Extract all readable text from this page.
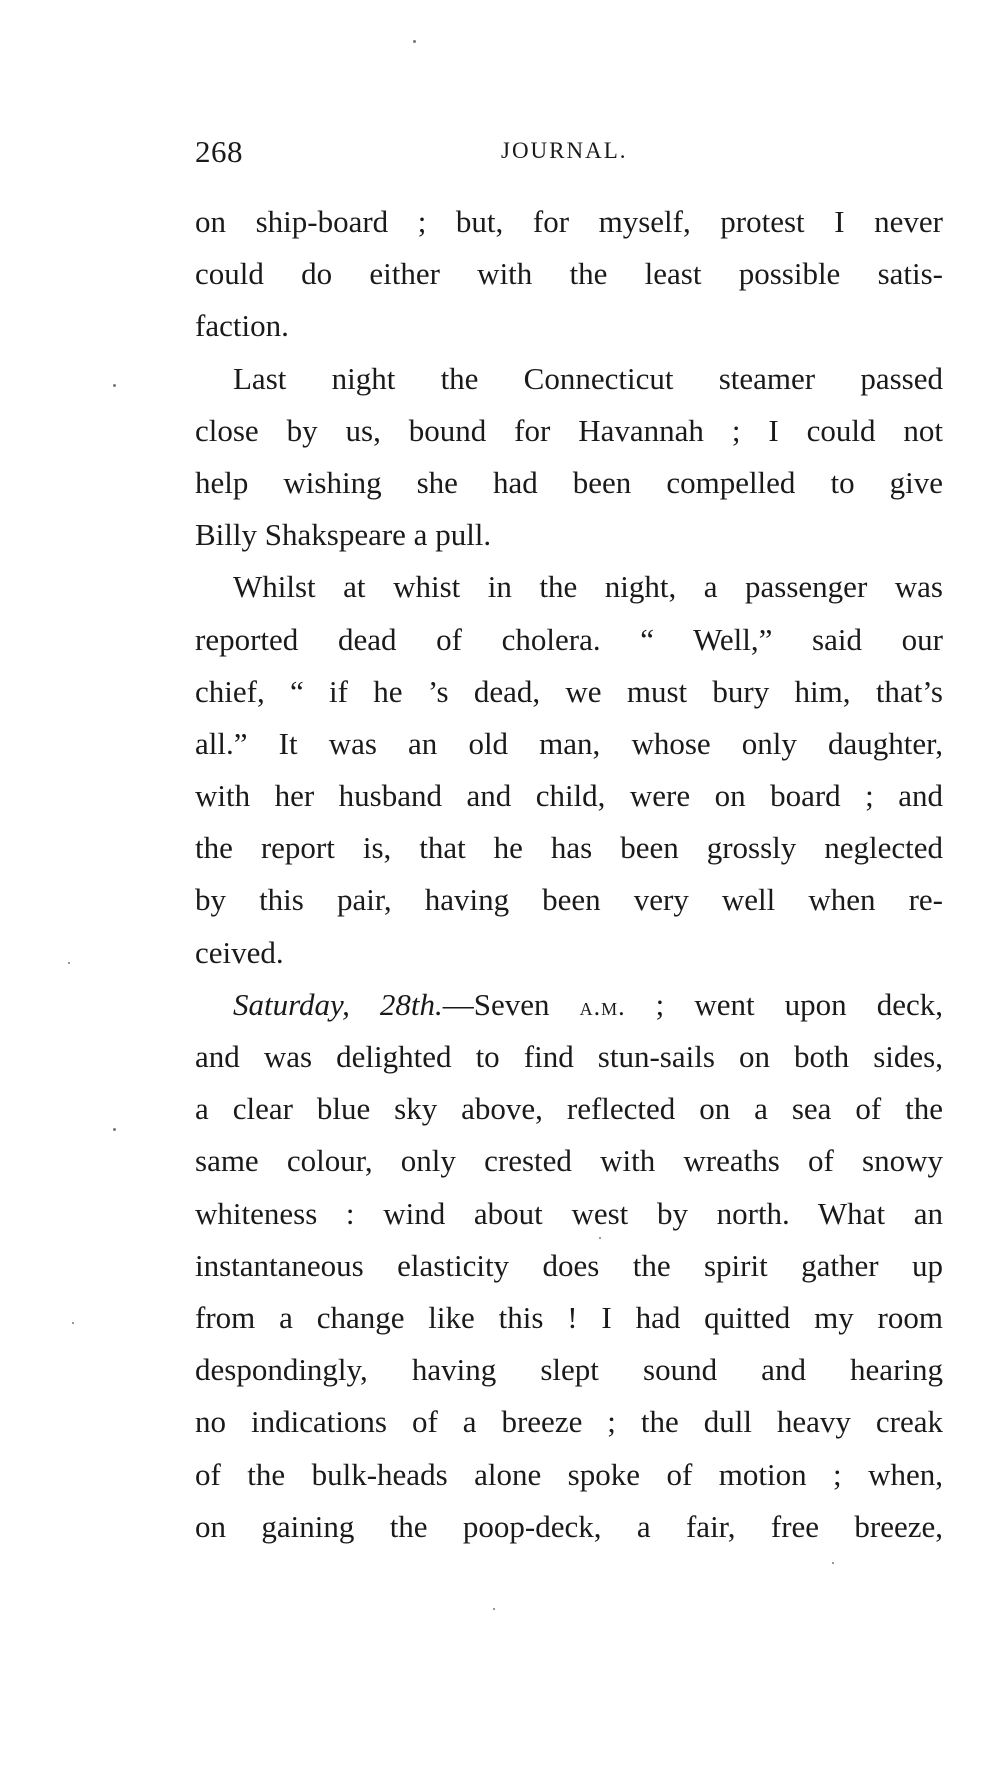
268	JOURNAL.
on ship-board ; but, for myself, protest I never
could do either with the least possible satis-
faction.
Last night the Connecticut steamer passed
close by us, bound for Havannah ; I could not
help wishing she had been compelled to give
Billy Shakspeare a pull.
Whilst at whist in the night, a passenger was
reported dead of cholera. “ Well,” said our
chief, “ if he ’s dead, we must bury him, that’s
all.” It was an old man, whose only daughter,
with her husband and child, were on board ; and
the report is, that he has been grossly neglected
by this pair, having been very well when re-
ceived.
Saturday, 28th.—Seven a.m. ; went upon deck,
and was delighted to find stun-sails on both sides,
a clear blue sky above, reflected on a sea of the
same colour, only crested with wreaths of snowy
whiteness : wind about west by north. What an
instantaneous elasticity does the spirit gather up
from a change like this ! I had quitted my room
despondingly, having slept sound and hearing
no indications of a breeze ; the dull heavy creak
of the bulk-heads alone spoke of motion ; when,
on gaining the poop-deck, a fair, free breeze,
